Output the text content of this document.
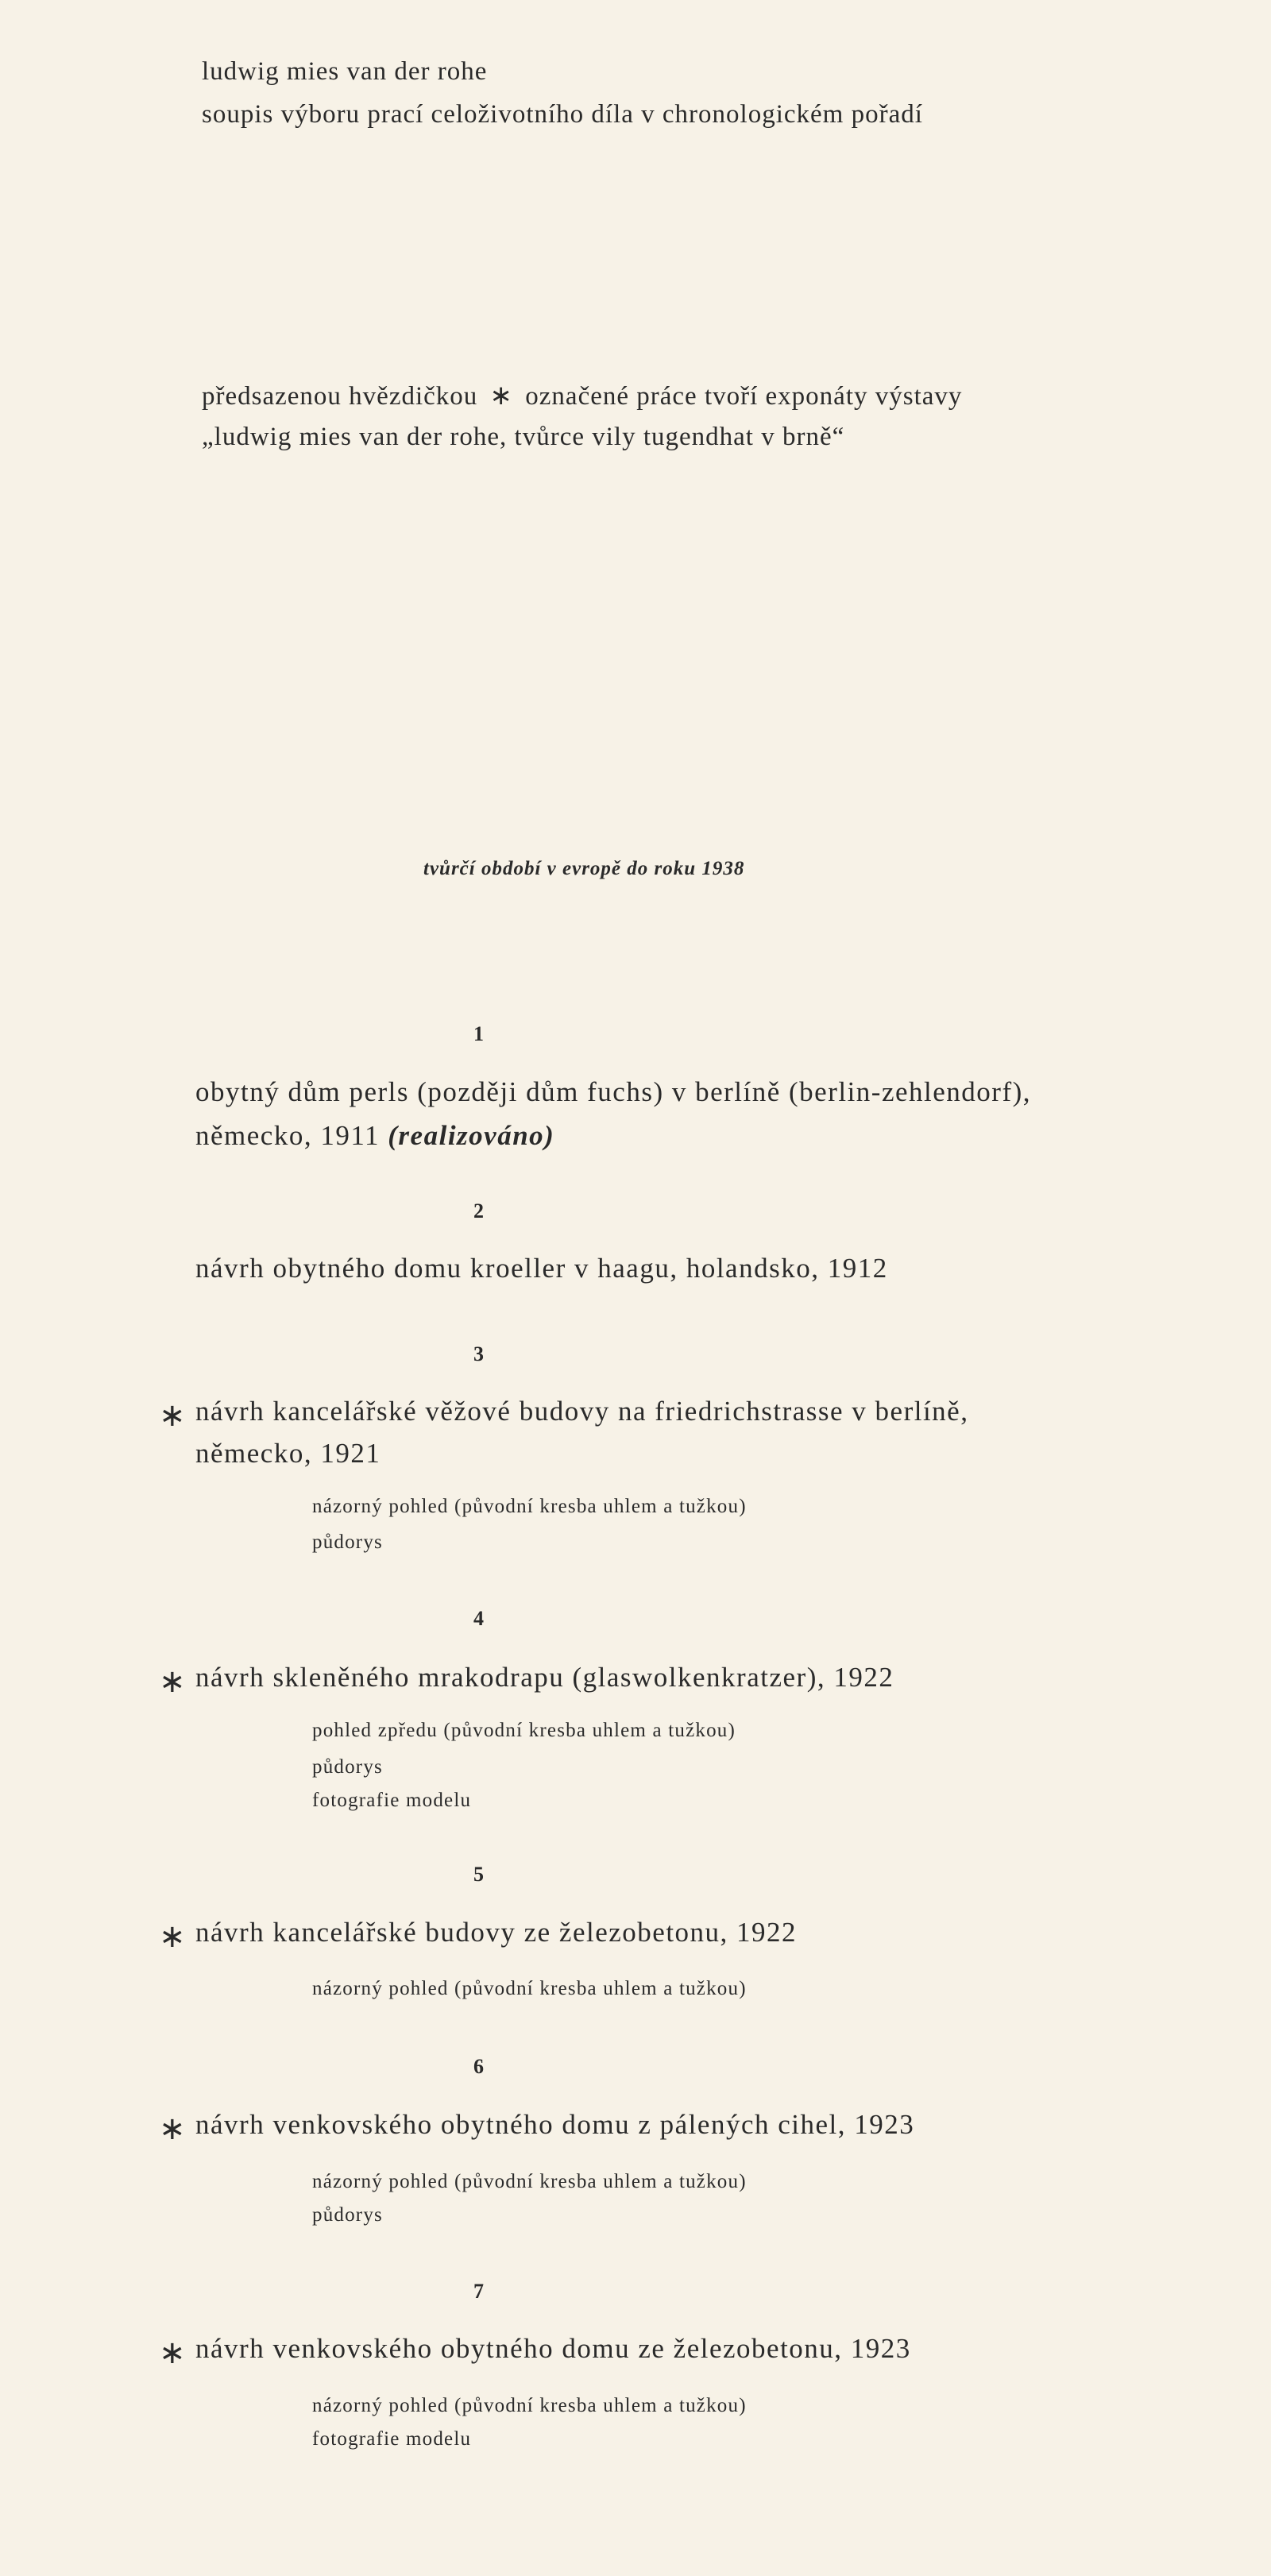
ludwig mies van der rohe
soupis výboru prací celoživotního díla v chronologickém pořadí
předsazenou hvězdičkou ∗ označené práce tvoří exponáty výstavy
„ludwig mies van der rohe, tvůrce vily tugendhat v brně“
tvůrčí období v evropě do roku 1938
1
obytný dům perls (později dům fuchs) v berlíně (berlin-zehlendorf),
německo, 1911 (realizováno)
2
návrh obytného domu kroeller v haagu, holandsko, 1912
3
∗ návrh kancelářské věžové budovy na friedrichstrasse v berlíně,
německo, 1921
názorný pohled (původní kresba uhlem a tužkou)
půdorys
4
∗ návrh skleněného mrakodrapu (glaswolkenkratzer), 1922
pohled zpředu (původní kresba uhlem a tužkou)
půdorys
fotografie modelu
5
∗ návrh kancelářské budovy ze železobetonu, 1922
názorný pohled (původní kresba uhlem a tužkou)
6
∗ návrh venkovského obytného domu z pálených cihel, 1923
názorný pohled (původní kresba uhlem a tužkou)
půdorys
7
∗ návrh venkovského obytného domu ze železobetonu, 1923
názorný pohled (původní kresba uhlem a tužkou)
fotografie modelu
